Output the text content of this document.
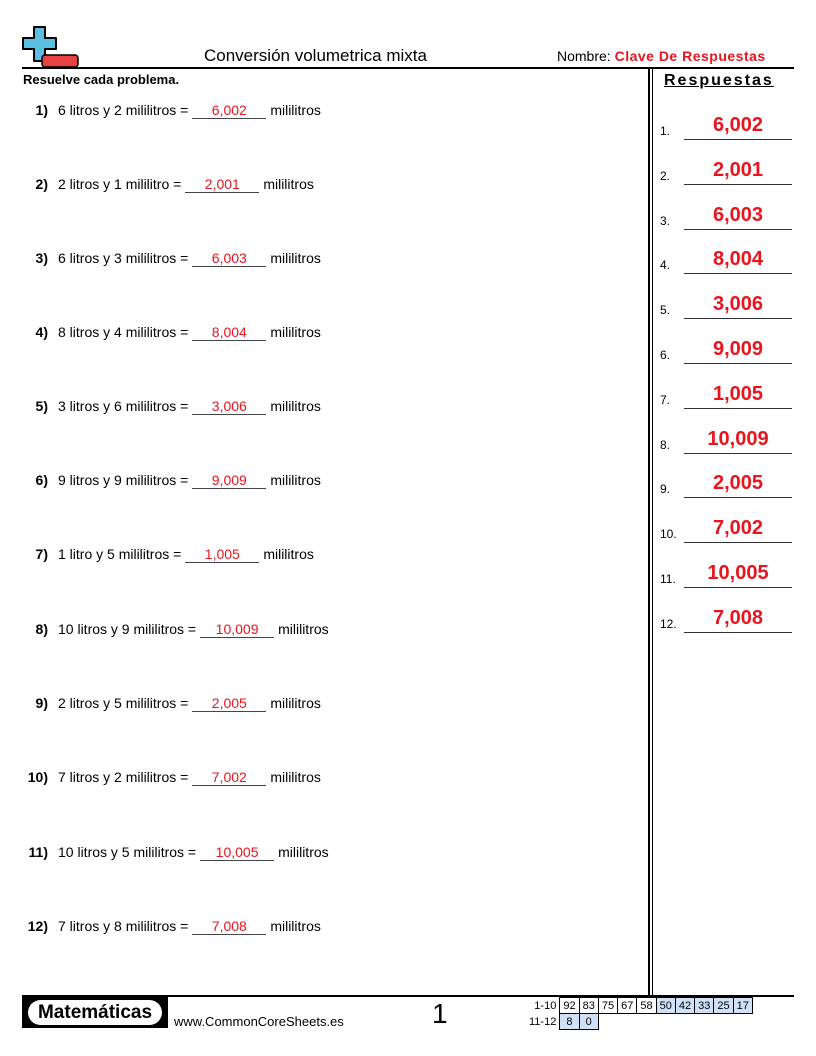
Conversión volumetrica mixta	Nombre: Clave De Respuestas
Resuelve cada problema.	Respuestas
1) 6 litros y 2 mililitros = 6,002 mililitros
2) 2 litros y 1 mililitro = 2,001 mililitros
3) 6 litros y 3 mililitros = 6,003 mililitros
4) 8 litros y 4 mililitros = 8,004 mililitros
5) 3 litros y 6 mililitros = 3,006 mililitros
6) 9 litros y 9 mililitros = 9,009 mililitros
7) 1 litro y 5 mililitros = 1,005 mililitros
8) 10 litros y 9 mililitros = 10,009 mililitros
9) 2 litros y 5 mililitros = 2,005 mililitros
10) 7 litros y 2 mililitros = 7,002 mililitros
11) 10 litros y 5 mililitros = 10,005 mililitros
12) 7 litros y 8 mililitros = 7,008 mililitros
1.	6,002
2.	2,001
3.	6,003
4.	8,004
5.	3,006
6.	9,009
7.	1,005
8.	10,009
9.	2,005
10.	7,002
11.	10,005
12.	7,008
Matemáticas	www.CommonCoreSheets.es	1	1-10	92	83	75	67	58	50	42	33	25	17
11-12	8	0								
